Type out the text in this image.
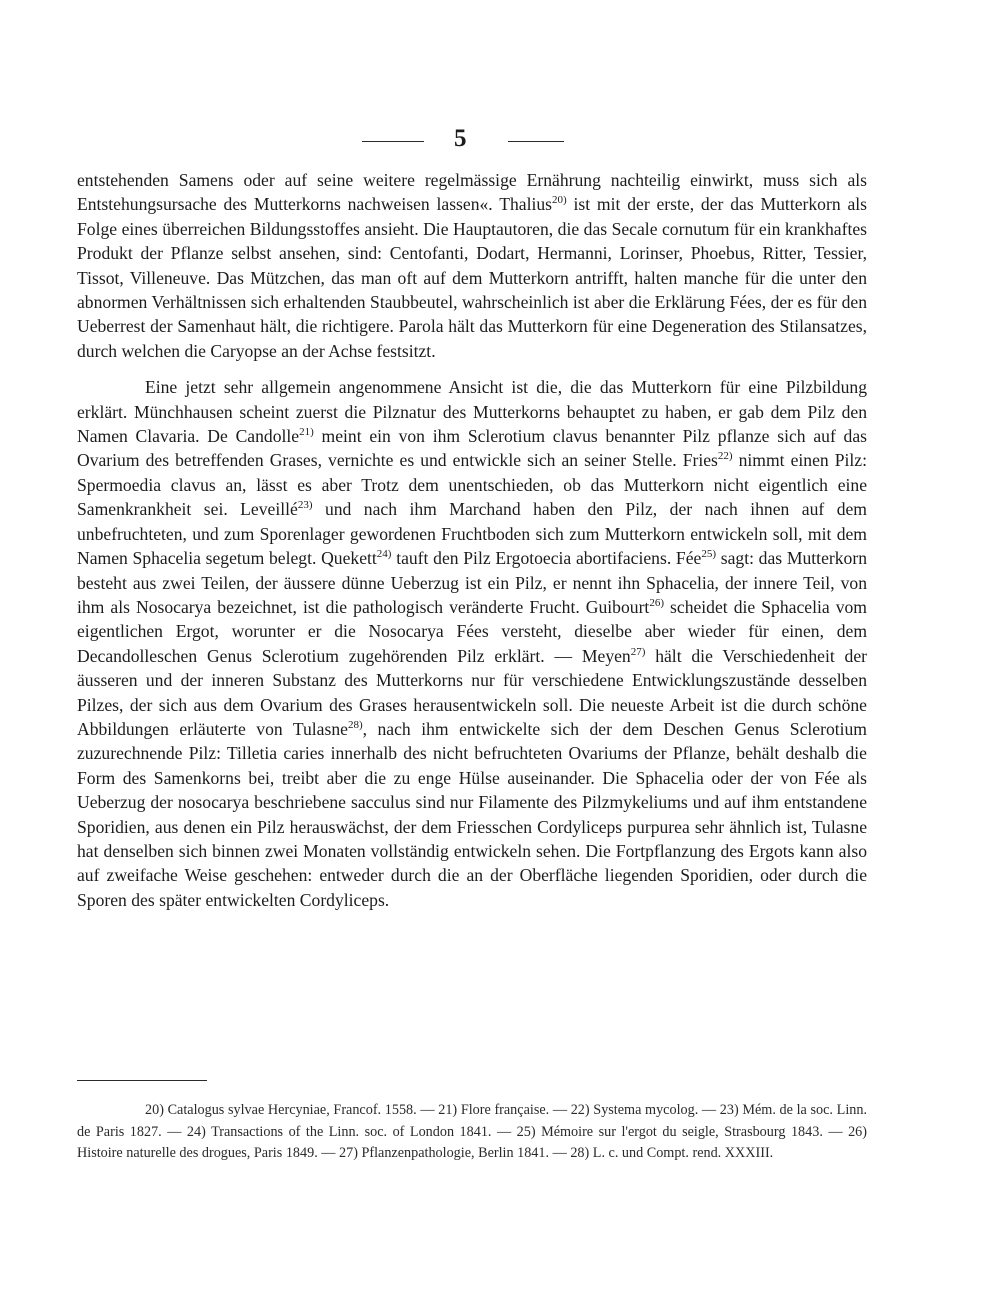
5

entstehenden Samens oder auf seine weitere regelmässige Ernährung nachteilig einwirkt, muss sich als Entstehungsursache des Mutterkorns nachweisen lassen«. Thalius$^{20)}$ ist mit der erste, der das Mutterkorn als Folge eines überreichen Bildungsstoffes ansieht. Die Hauptautoren, die das Secale cornutum für ein krankhaftes Produkt der Pflanze selbst ansehen, sind: Centofanti, Dodart, Hermanni, Lorinser, Phoebus, Ritter, Tessier, Tissot, Villeneuve. Das Mützchen, das man oft auf dem Mutterkorn antrifft, halten manche für die unter den abnormen Verhältnissen sich erhaltenden Staubbeutel, wahrscheinlich ist aber die Erklärung Fées, der es für den Ueberrest der Samenhaut hält, die richtigere. Parola hält das Mutterkorn für eine Degeneration des Stilansatzes, durch welchen die Caryopse an der Achse festsitzt.

Eine jetzt sehr allgemein angenommene Ansicht ist die, die das Mutterkorn für eine Pilzbildung erklärt. Münchhausen scheint zuerst die Pilznatur des Mutterkorns behauptet zu haben, er gab dem Pilz den Namen Clavaria. De Candolle$^{21)}$ meint ein von ihm Sclerotium clavus benannter Pilz pflanze sich auf das Ovarium des betreffenden Grases, vernichte es und entwickle sich an seiner Stelle. Fries$^{22)}$ nimmt einen Pilz: Spermoedia clavus an, lässt es aber Trotz dem unentschieden, ob das Mutterkorn nicht eigentlich eine Samenkrankheit sei. Leveillé$^{23)}$ und nach ihm Marchand haben den Pilz, der nach ihnen auf dem unbefruchteten, und zum Sporenlager gewordenen Fruchtboden sich zum Mutterkorn entwickeln soll, mit dem Namen Sphacelia segetum belegt. Quekett$^{24)}$ tauft den Pilz Ergotoecia abortifaciens. Fée$^{25)}$ sagt: das Mutterkorn besteht aus zwei Teilen, der äussere dünne Ueberzug ist ein Pilz, er nennt ihn Sphacelia, der innere Teil, von ihm als Nosocarya bezeichnet, ist die pathologisch veränderte Frucht. Guibourt$^{26)}$ scheidet die Sphacelia vom eigentlichen Ergot, worunter er die Nosocarya Fées versteht, dieselbe aber wieder für einen, dem Decandolleschen Genus Sclerotium zugehörenden Pilz erklärt. — Meyen$^{27)}$ hält die Verschiedenheit der äusseren und der inneren Substanz des Mutterkorns nur für verschiedene Entwicklungszustände desselben Pilzes, der sich aus dem Ovarium des Grases herausentwickeln soll. Die neueste Arbeit ist die durch schöne Abbildungen erläuterte von Tulasne$^{28)}$, nach ihm entwickelte sich der dem Deschen Genus Sclerotium zuzurechnende Pilz: Tilletia caries innerhalb des nicht befruchteten Ovariums der Pflanze, behält deshalb die Form des Samenkorns bei, treibt aber die zu enge Hülse auseinander. Die Sphacelia oder der von Fée als Ueberzug der nosocarya beschriebene sacculus sind nur Filamente des Pilzmykeliums und auf ihm entstandene Sporidien, aus denen ein Pilz herauswächst, der dem Friesschen Cordyliceps purpurea sehr ähnlich ist, Tulasne hat denselben sich binnen zwei Monaten vollständig entwickeln sehen. Die Fortpflanzung des Ergots kann also auf zweifache Weise geschehen: entweder durch die an der Oberfläche liegenden Sporidien, oder durch die Sporen des später entwickelten Cordyliceps.

20) Catalogus sylvae Hercyniae, Francof. 1558. — 21) Flore française. — 22) Systema mycolog. — 23) Mém. de la soc. Linn. de Paris 1827. — 24) Transactions of the Linn. soc. of London 1841. — 25) Mémoire sur l'ergot du seigle, Strasbourg 1843. — 26) Histoire naturelle des drogues, Paris 1849. — 27) Pflanzenpathologie, Berlin 1841. — 28) L. c. und Compt. rend. XXXIII.
